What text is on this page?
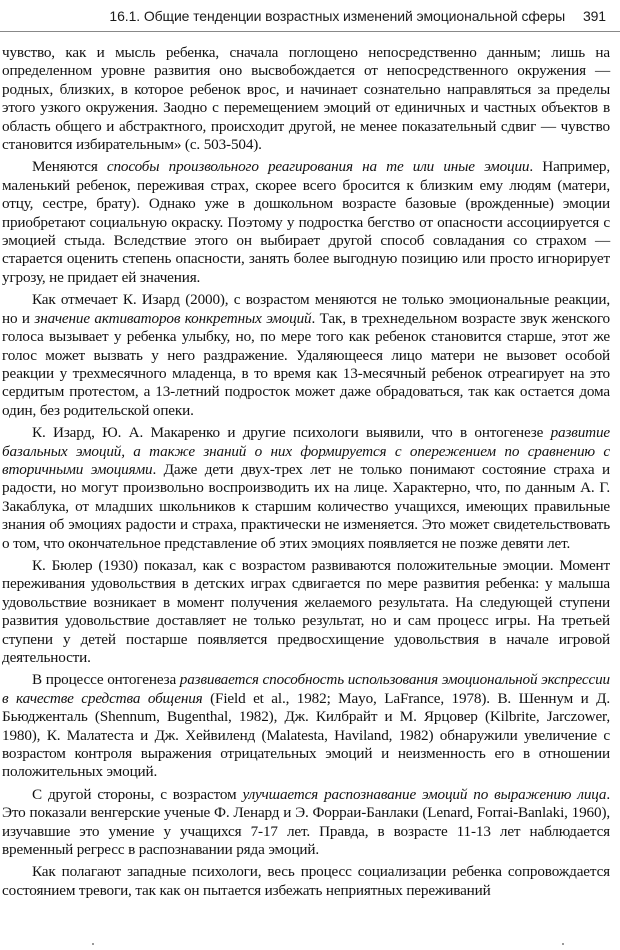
16.1. Общие тенденции возрастных изменений эмоциональной сферы 391

чувство, как и мысль ребенка, сначала поглощено непосредственно данным; лишь на определенном уровне развития оно высвобождается от непосредственного окружения — родных, близких, в которое ребенок врос, и начинает сознательно направляться за пределы этого узкого окружения. Заодно с перемещением эмоций от единичных и частных объектов в область общего и абстрактного, происходит другой, не менее показательный сдвиг — чувство становится избирательным» (с. 503-504).

Меняются способы произвольного реагирования на те или иные эмоции. Например, маленький ребенок, переживая страх, скорее всего бросится к близким ему людям (матери, отцу, сестре, брату). Однако уже в дошкольном возрасте базовые (врожденные) эмоции приобретают социальную окраску. Поэтому у подростка бегство от опасности ассоциируется с эмоцией стыда. Вследствие этого он выбирает другой способ совладания со страхом — старается оценить степень опасности, занять более выгодную позицию или просто игнорирует угрозу, не придает ей значения.

Как отмечает К. Изард (2000), с возрастом меняются не только эмоциональные реакции, но и значение активаторов конкретных эмоций. Так, в трехнедельном возрасте звук женского голоса вызывает у ребенка улыбку, но, по мере того как ребенок становится старше, этот же голос может вызвать у него раздражение. Удаляющееся лицо матери не вызовет особой реакции у трехмесячного младенца, в то время как 13-месячный ребенок отреагирует на это сердитым протестом, а 13-летний подросток может даже обрадоваться, так как остается дома один, без родительской опеки.

К. Изард, Ю. А. Макаренко и другие психологи выявили, что в онтогенезе развитие базальных эмоций, а также знаний о них формируется с опережением по сравнению с вторичными эмоциями. Даже дети двух-трех лет не только понимают состояние страха и радости, но могут произвольно воспроизводить их на лице. Характерно, что, по данным А. Г. Закаблука, от младших школьников к старшим количество учащихся, имеющих правильные знания об эмоциях радости и страха, практически не изменяется. Это может свидетельствовать о том, что окончательное представление об этих эмоциях появляется не позже девяти лет.

К. Бюлер (1930) показал, как с возрастом развиваются положительные эмоции. Момент переживания удовольствия в детских играх сдвигается по мере развития ребенка: у малыша удовольствие возникает в момент получения желаемого результата. На следующей ступени развития удовольствие доставляет не только результат, но и сам процесс игры. На третьей ступени у детей постарше появляется предвосхищение удовольствия в начале игровой деятельности.

В процессе онтогенеза развивается способность использования эмоциональной экспрессии в качестве средства общения (Field et al., 1982; Mayo, LaFrance, 1978). В. Шеннум и Д. Бьюдженталь (Shennum, Bugenthal, 1982), Дж. Килбрайт и М. Ярцовер (Kilbrite, Jarczower, 1980), К. Малатеста и Дж. Хейвиленд (Malatesta, Haviland, 1982) обнаружили увеличение с возрастом контроля выражения отрицательных эмоций и неизменность его в отношении положительных эмоций.

С другой стороны, с возрастом улучшается распознавание эмоций по выражению лица. Это показали венгерские ученые Ф. Ленард и Э. Форраи-Банлаки (Lenard, Forrai-Banlaki, 1960), изучавшие это умение у учащихся 7-17 лет. Правда, в возрасте 11-13 лет наблюдается временный регресс в распознавании ряда эмоций.

Как полагают западные психологи, весь процесс социализации ребенка сопровождается состоянием тревоги, так как он пытается избежать неприятных переживаний
